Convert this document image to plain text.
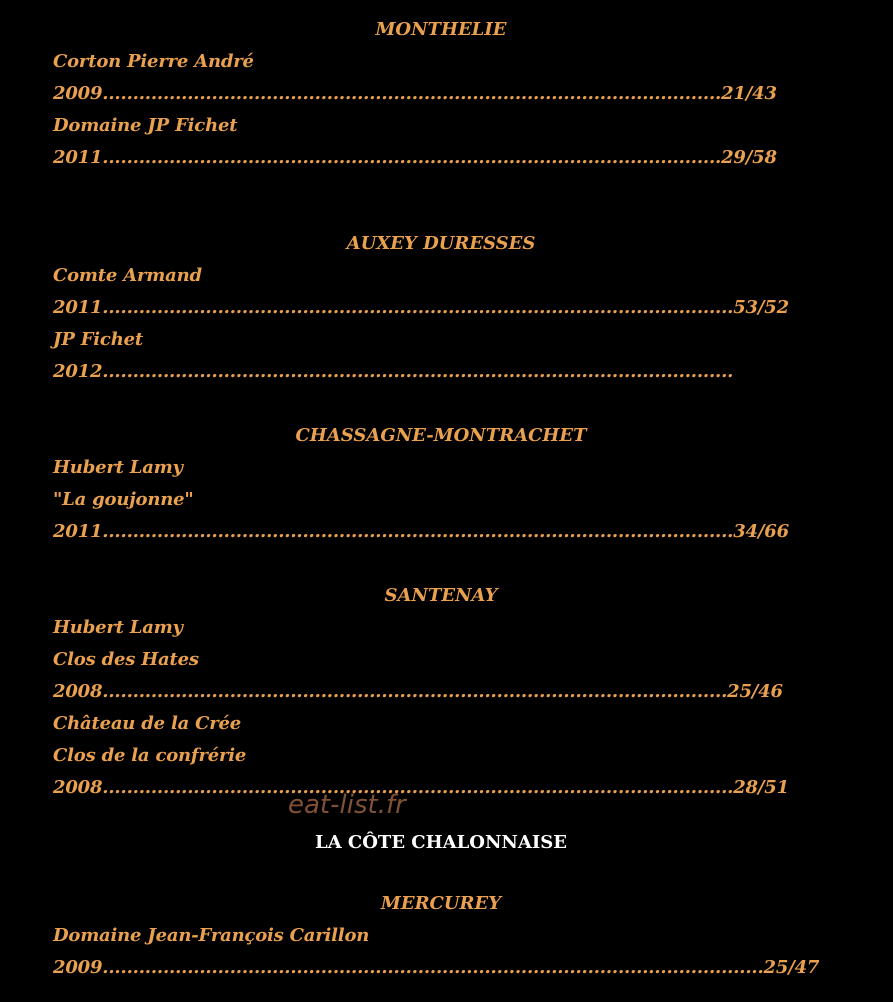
MONTHELIE
Corton Pierre André
2009......................................................................................................21/43
Domaine JP Fichet
2011......................................................................................................29/58
AUXEY DURESSES
Comte Armand
2011........................................................................................................53/52
JP Fichet
2012........................................................................................................
CHASSAGNE-MONTRACHET
Hubert Lamy
"La goujonne"
2011........................................................................................................34/66
SANTENAY
Hubert Lamy
Clos des Hates
2008.......................................................................................................25/46
Château de la Crée
Clos de la confrérie
2008........................................................................................................28/51
eat-list.fr
LA CÔTE CHALONNAISE
MERCUREY
Domaine Jean-François Carillon
2009.............................................................................................................25/47
